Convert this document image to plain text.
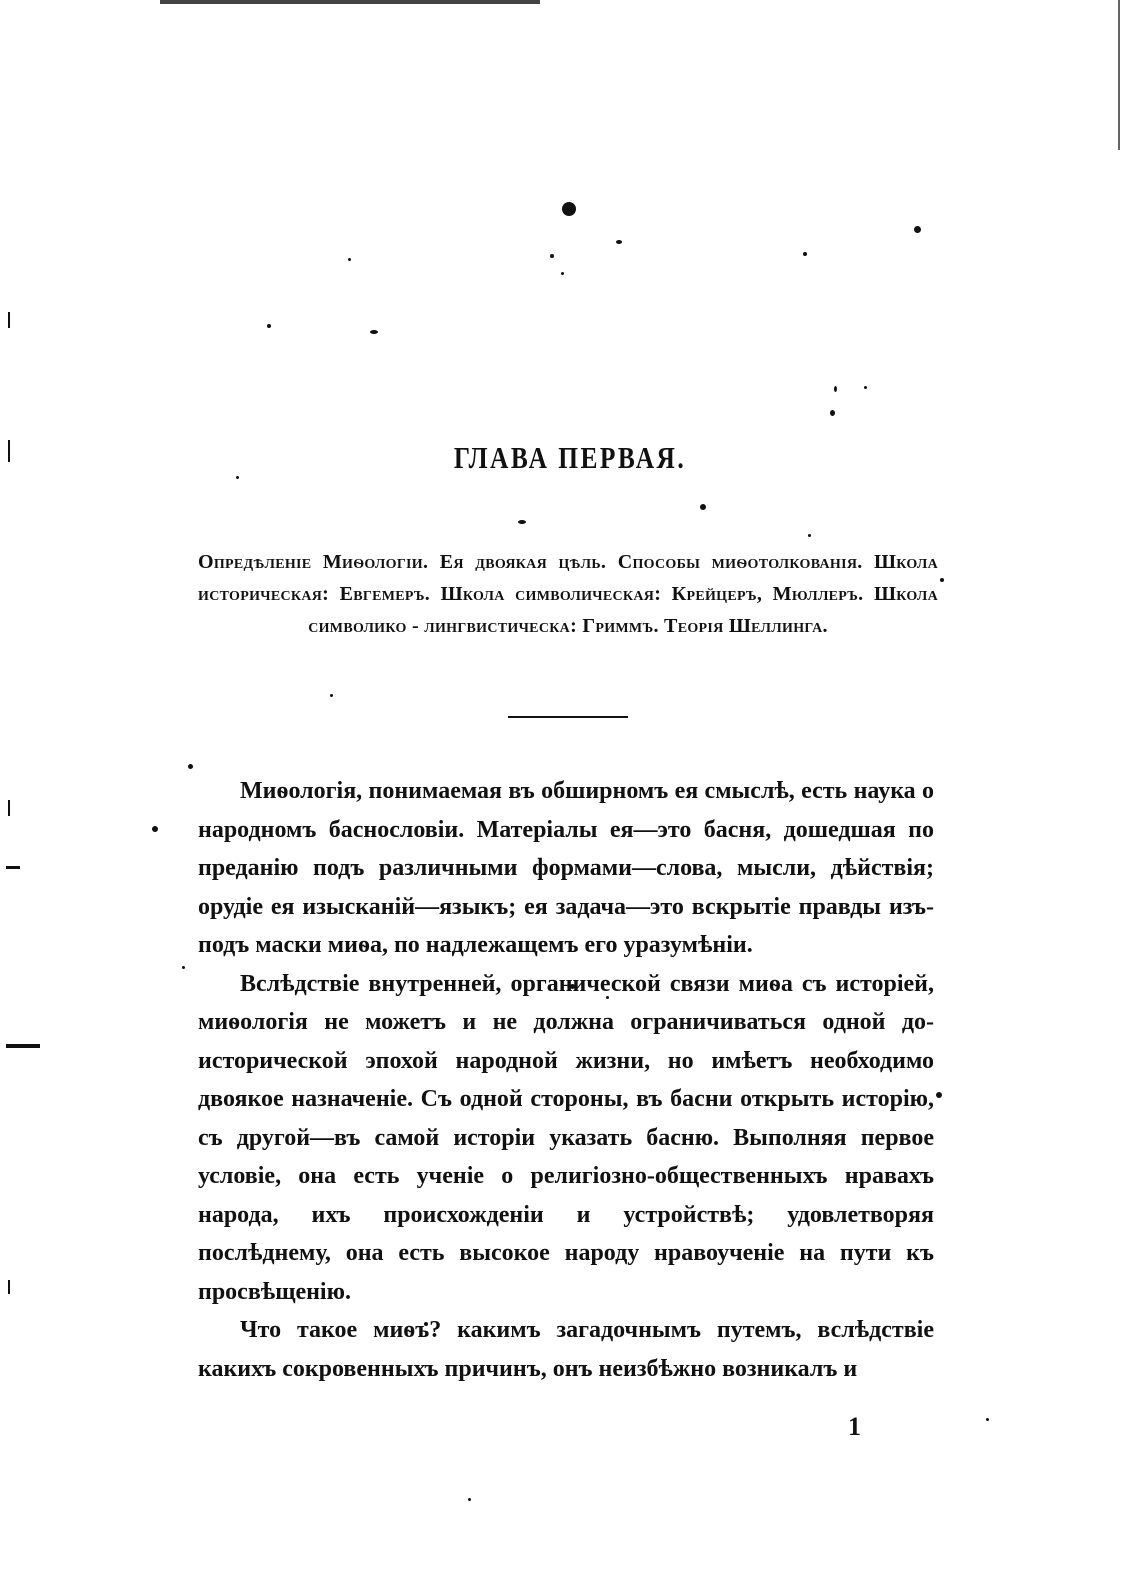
ГЛАВА ПЕРВАЯ.

Опредѣленіе Миѳологіи. Ея двоякая цѣль. Способы миѳотолкованія. Школа историческая: Евгемеръ. Школа символическая: Крейцеръ, Мюллеръ. Школа символико - лингвистическа: Гриммъ. Теорія Шеллинга.

Миѳологія, понимаемая въ обширномъ ея смыслѣ, есть наука о народномъ баснословіи. Матеріалы ея—это басня, дошедшая по преданію подъ различными формами—слова, мысли, дѣйствія; орудіе ея изысканій—языкъ; ея задача—это вскрытіе правды изъ-подъ маски миѳа, по надлежащемъ его уразумѣніи.

Вслѣдствіе внутренней, органической связи миѳа съ исторіей, миѳологія не можетъ и не должна ограничиваться одной до-исторической эпохой народной жизни, но имѣетъ необходимо двоякое назначеніе. Съ одной стороны, въ басни открыть исторію, съ другой—въ самой исторіи указать басню. Выполняя первое условіе, она есть ученіе о религіозно-общественныхъ нравахъ народа, ихъ происхожденіи и устройствѣ; удовлетворяя послѣднему, она есть высокое народу нравоученіе на пути къ просвѣщенію.

Что такое миѳъ? какимъ загадочнымъ путемъ, вслѣдствіе какихъ сокровенныхъ причинъ, онъ неизбѣжно возникалъ и

1
